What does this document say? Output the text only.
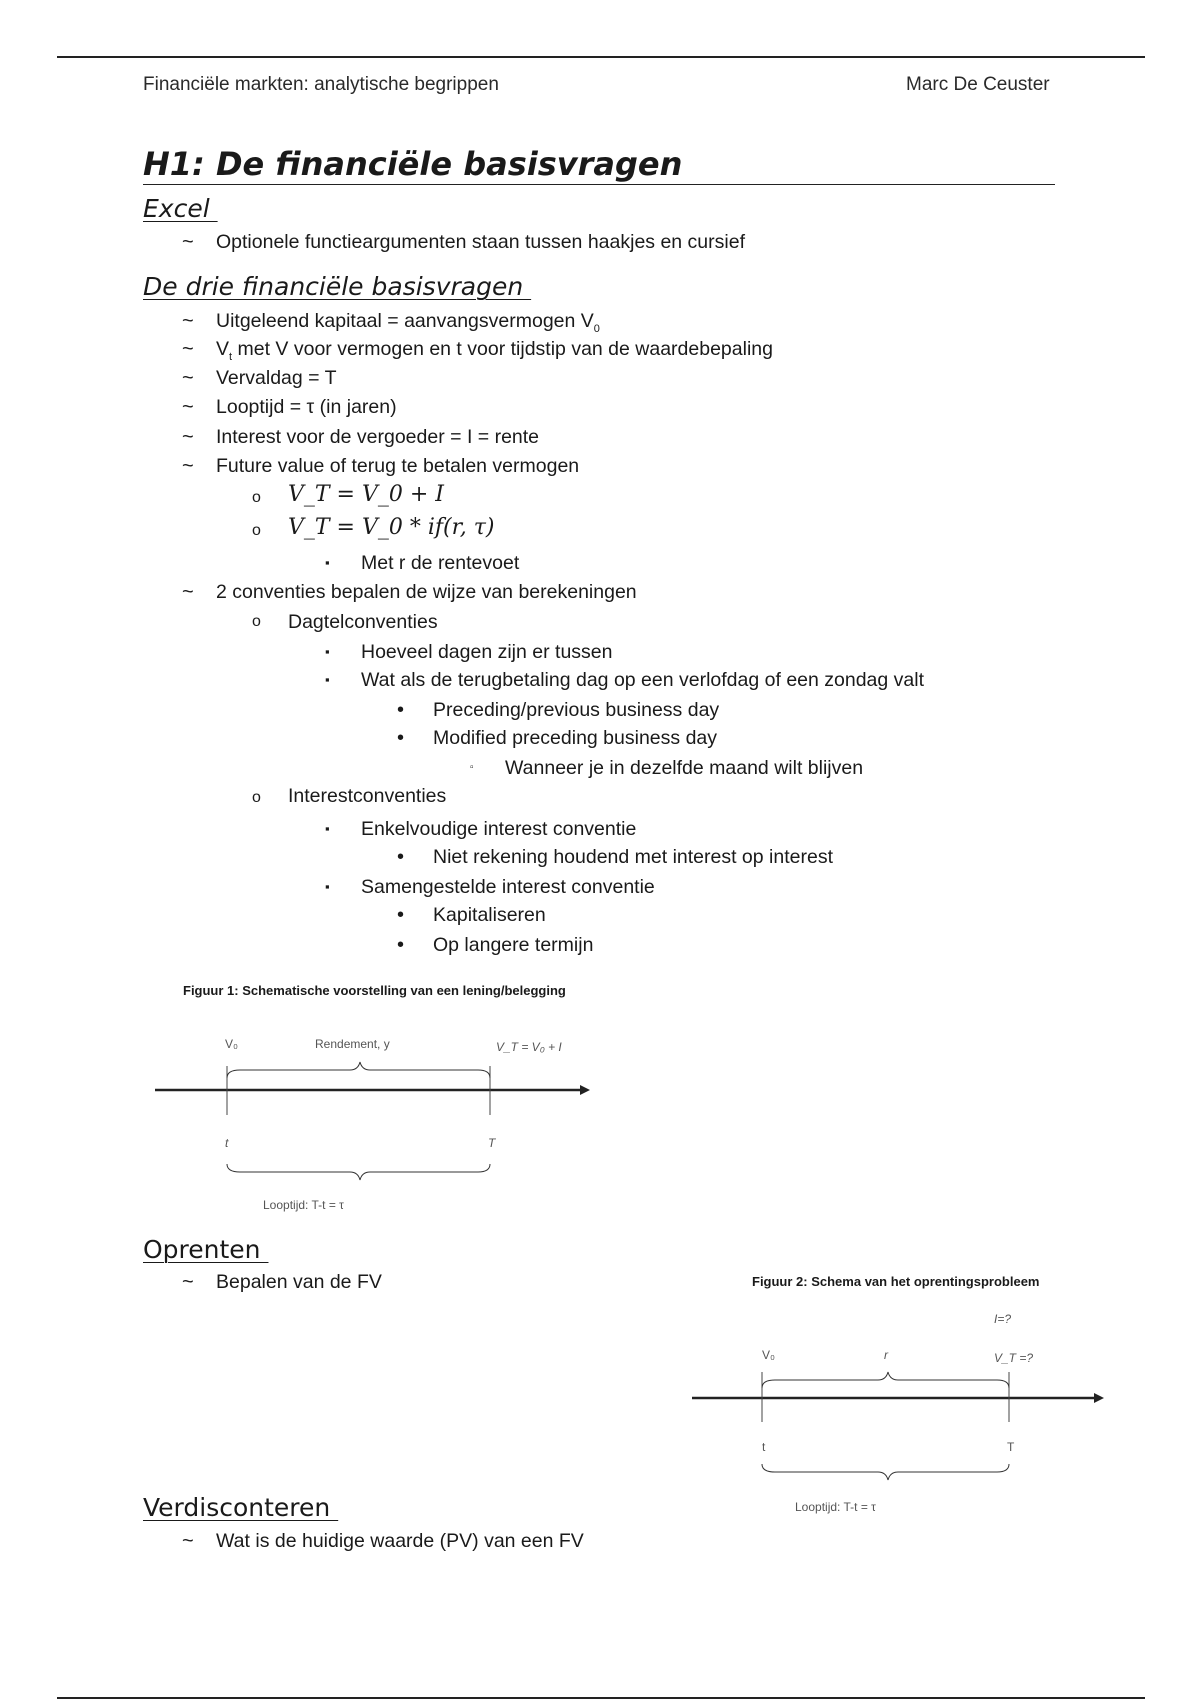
Financiële markten: analytische begrippen	Marc De Ceuster
H1: De financiële basisvragen
Excel
~ Optionele functieargumenten staan tussen haakjes en cursief
De drie financiële basisvragen
~ Uitgeleend kapitaal = aanvangsvermogen $V_0$
~ $V_t$ met V voor vermogen en t voor tijdstip van de waardebepaling
~ Vervaldag = T
~ Looptijd = τ (in jaren)
~ Interest voor de vergoeder = I = rente
~ Future value of terug te betalen vermogen
o V_T = V_0 + I
o V_T = V_0 * if(r, τ)
▪ Met r de rentevoet
~ 2 conventies bepalen de wijze van berekeningen
o Dagtelconventies
▪ Hoeveel dagen zijn er tussen
▪ Wat als de terugbetaling dag op een verlofdag of een zondag valt
• Preceding/previous business day
• Modified preceding business day
▫ Wanneer je in dezelfde maand wilt blijven
o Interestconventies
▪ Enkelvoudige interest conventie
• Niet rekening houdend met interest op interest
▪ Samengestelde interest conventie
• Kapitaliseren
• Op langere termijn
Figuur 1: Schematische voorstelling van een lening/belegging
V₀	Rendement, y	V_T = V₀ + I
t	T
Looptijd: T-t = τ
Oprenten
~ Bepalen van de FV	Figuur 2: Schema van het oprentingsprobleem
I=?
V₀	r	V_T =?
t	T
Looptijd: T-t = τ
Verdisconteren
~ Wat is de huidige waarde (PV) van een FV
